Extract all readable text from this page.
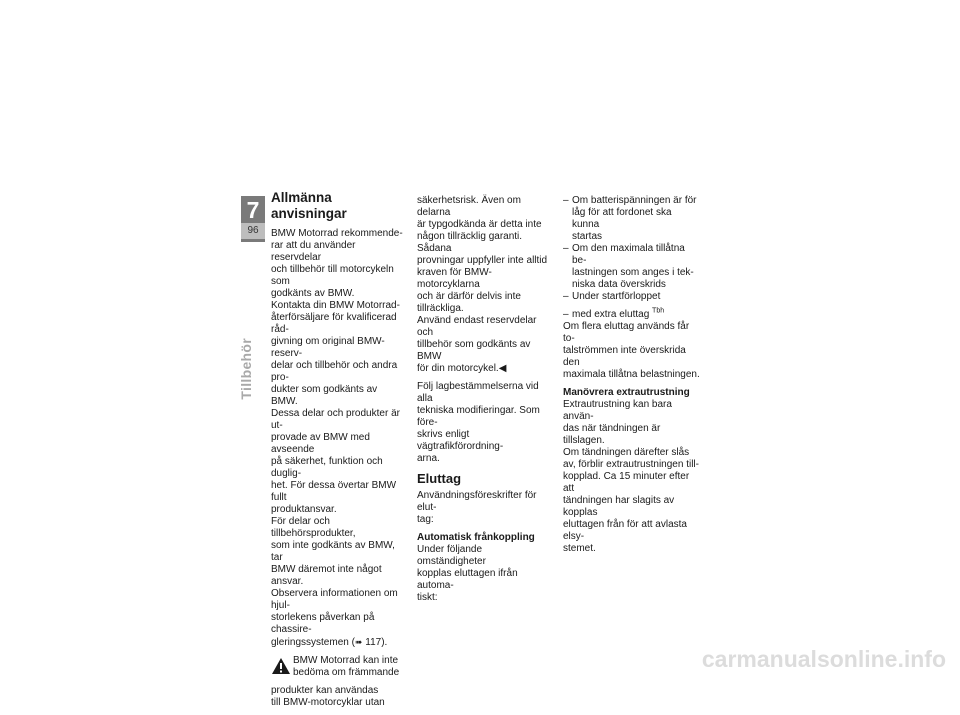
7
96
Tillbehör
Allmänna anvisningar

BMW Motorrad rekommende-
rar att du använder reservdelar
och tillbehör till motorcykeln som
godkänts av BMW.
Kontakta din BMW Motorrad-
återförsäljare för kvalificerad råd-
givning om original BMW-reserv-
delar och tillbehör och andra pro-
dukter som godkänts av BMW.
Dessa delar och produkter är ut-
provade av BMW med avseende
på säkerhet, funktion och duglig-
het. För dessa övertar BMW fullt
produktansvar.
För delar och tillbehörsprodukter,
som inte godkänts av BMW, tar
BMW däremot inte något ansvar.
Observera informationen om hjul-
storlekens påverkan på chassire-
gleringssystemen (➠ 117).

BMW Motorrad kan inte
bedöma om främmande

produkter kan användas
till BMW-motorcyklar utan

säkerhetsrisk. Även om delarna
är typgodkända är detta inte
någon tillräcklig garanti. Sådana
provningar uppfyller inte alltid
kraven för BMW-motorcyklarna
och är därför delvis inte
tillräckliga.
Använd endast reservdelar och
tillbehör som godkänts av BMW
för din motorcykel.◀

Följ lagbestämmelserna vid alla
tekniska modifieringar. Som före-
skrivs enligt vägtrafikförordning-
arna.

Eluttag

Användningsföreskrifter för elut-
tag:

Automatisk frånkoppling

Under följande omständigheter
kopplas eluttagen ifrån automa-
tiskt:

– Om batterispänningen är för
låg för att fordonet ska kunna
startas
– Om den maximala tillåtna be-
lastningen som anges i tek-
niska data överskrids
– Under startförloppet
– med extra eluttag $^{Tbh}$

Om flera eluttag används får to-
talströmmen inte överskrida den
maximala tillåtna belastningen.

Manövrera extrautrustning

Extrautrustning kan bara använ-
das när tändningen är tillslagen.
Om tändningen därefter slås
av, förblir extrautrustningen till-
kopplad. Ca 15 minuter efter att
tändningen har slagits av kopplas
eluttagen från för att avlasta elsy-
stemet.

carmanualsonline.info
